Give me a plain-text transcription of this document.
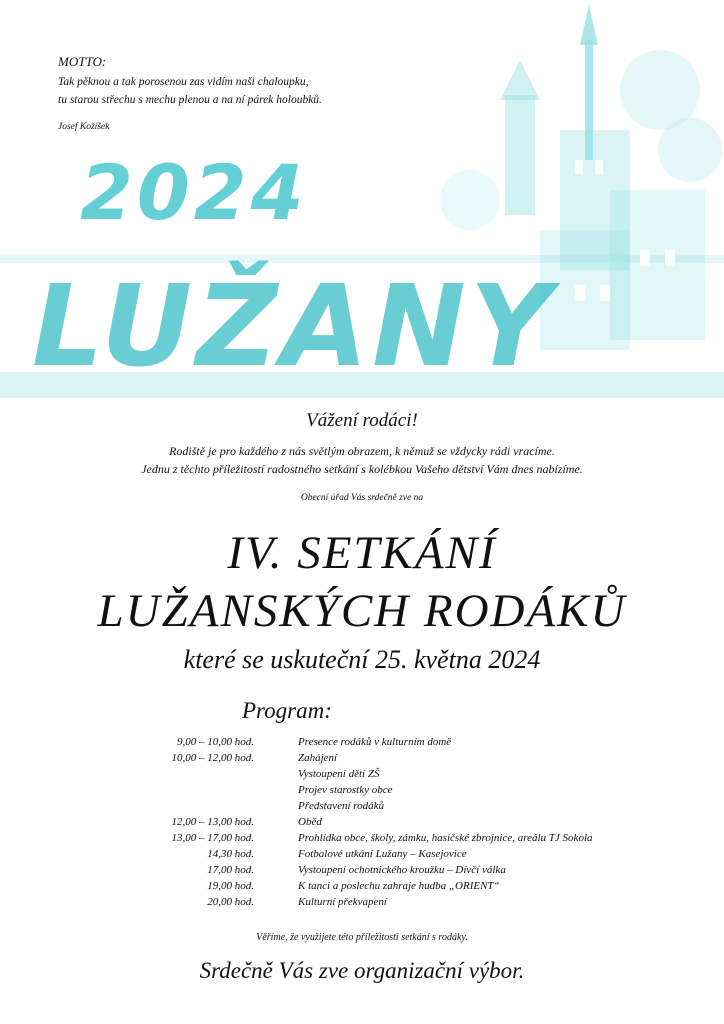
2024
LUŽANY
MOTTO:
Tak pěknou a tak porosenou zas vidím naši chaloupku,
tu starou střechu s mechu plenou a na ní párek holoubků.
Josef Kožíšek
Vážení rodáci!
Rodiště je pro každého z nás světlým obrazem, k němuž se vždycky rádi vracíme.
Jednu z těchto příležitostí radostného setkání s kolébkou Vašeho dětství Vám dnes nabízíme.
Obecní úřad Vás srdečně zve na
IV. SETKÁNÍ
LUŽANSKÝCH RODÁKŮ
které se uskuteční 25. května 2024
Program:
9,00 – 10,00 hod.	Presence rodáků v kulturním domě
10,00 – 12,00 hod.	Zahájení
Vystoupení dětí ZŠ
Projev starostky obce
Představení rodáků
12,00 – 13,00 hod.	Oběd
13,00 – 17,00 hod.	Prohlídka obce, školy, zámku, hasičské zbrojnice, areálu TJ Sokola
14,30 hod.	Fotbalové utkání Lužany – Kasejovice
17,00 hod.	Vystoupení ochotnického kroužku – Dívčí válka
19,00 hod.	K tanci a poslechu zahraje hudba „ORIENT“
20,00 hod.	Kulturní překvapení
Věříme, že využijete této příležitosti setkání s rodáky.
Srdečně Vás zve organizační výbor.
